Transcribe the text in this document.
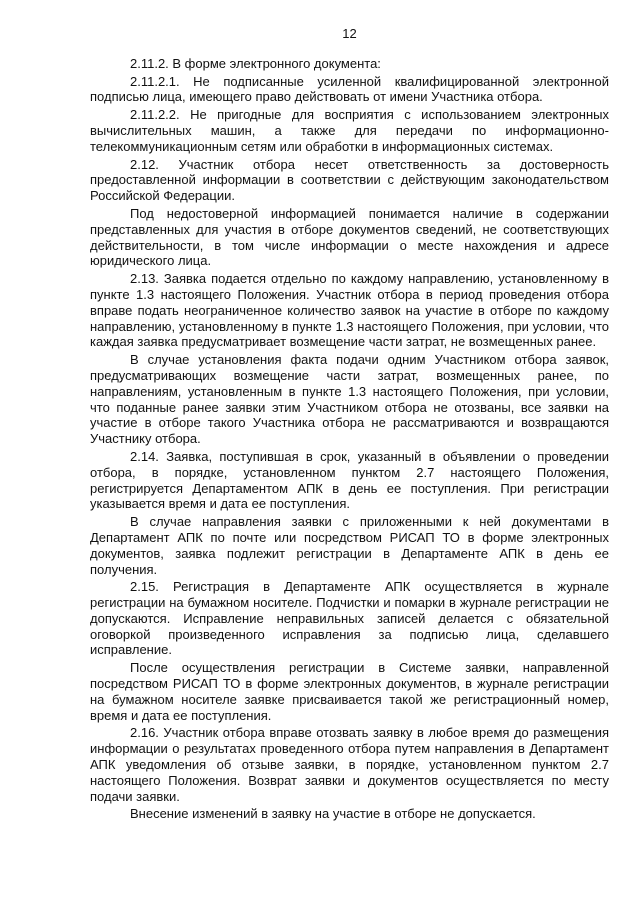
12

2.11.2. В форме электронного документа:

2.11.2.1. Не подписанные усиленной квалифицированной электронной подписью лица, имеющего право действовать от имени Участника отбора.

2.11.2.2. Не пригодные для восприятия с использованием электронных вычислительных машин, а также для передачи по информационно-телекоммуникационным сетям или обработки в информационных системах.

2.12. Участник отбора несет ответственность за достоверность предоставленной информации в соответствии с действующим законодательством Российской Федерации.

Под недостоверной информацией понимается наличие в содержании представленных для участия в отборе документов сведений, не соответствующих действительности, в том числе информации о месте нахождения и адресе юридического лица.

2.13. Заявка подается отдельно по каждому направлению, установленному в пункте 1.3 настоящего Положения. Участник отбора в период проведения отбора вправе подать неограниченное количество заявок на участие в отборе по каждому направлению, установленному в пункте 1.3 настоящего Положения, при условии, что каждая заявка предусматривает возмещение части затрат, не возмещенных ранее.

В случае установления факта подачи одним Участником отбора заявок, предусматривающих возмещение части затрат, возмещенных ранее, по направлениям, установленным в пункте 1.3 настоящего Положения, при условии, что поданные ранее заявки этим Участником отбора не отозваны, все заявки на участие в отборе такого Участника отбора не рассматриваются и возвращаются Участнику отбора.

2.14. Заявка, поступившая в срок, указанный в объявлении о проведении отбора, в порядке, установленном пунктом 2.7 настоящего Положения, регистрируется Департаментом АПК в день ее поступления. При регистрации указывается время и дата ее поступления.

В случае направления заявки с приложенными к ней документами в Департамент АПК по почте или посредством РИСАП ТО в форме электронных документов, заявка подлежит регистрации в Департаменте АПК в день ее получения.

2.15. Регистрация в Департаменте АПК осуществляется в журнале регистрации на бумажном носителе. Подчистки и помарки в журнале регистрации не допускаются. Исправление неправильных записей делается с обязательной оговоркой произведенного исправления за подписью лица, сделавшего исправление.

После осуществления регистрации в Системе заявки, направленной посредством РИСАП ТО в форме электронных документов, в журнале регистрации на бумажном носителе заявке присваивается такой же регистрационный номер, время и дата ее поступления.

2.16. Участник отбора вправе отозвать заявку в любое время до размещения информации о результатах проведенного отбора путем направления в Департамент АПК уведомления об отзыве заявки, в порядке, установленном пунктом 2.7 настоящего Положения. Возврат заявки и документов осуществляется по месту подачи заявки.

Внесение изменений в заявку на участие в отборе не допускается.
